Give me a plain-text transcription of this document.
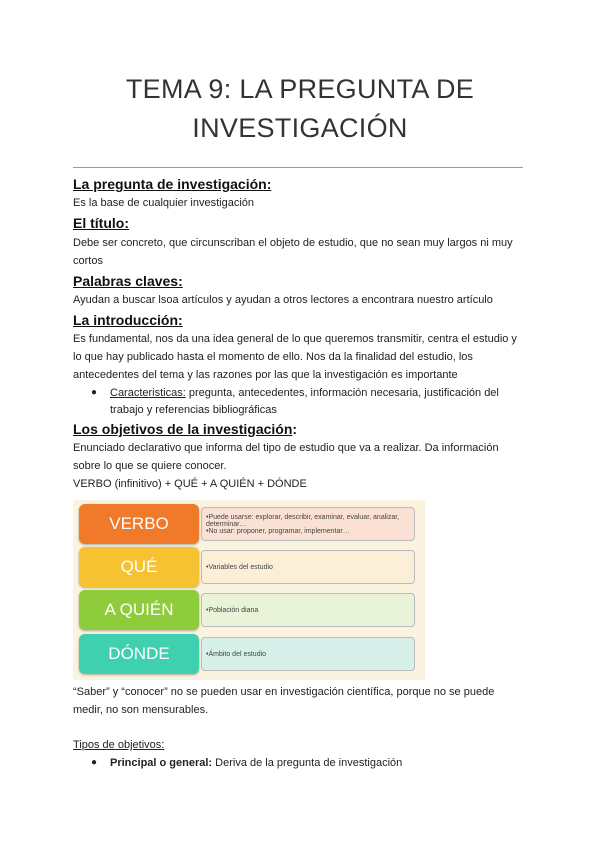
TEMA 9: LA PREGUNTA DE
INVESTIGACIÓN
La pregunta de investigación:
Es la base de cualquier investigación
El título:
Debe ser concreto, que circunscriban el objeto de estudio, que no sean muy largos ni muy
cortos
Palabras claves:
Ayudan a buscar lsoa artículos y ayudan a otros lectores a encontrara nuestro artículo
La introducción:
Es fundamental, nos da una idea general de lo que queremos transmitir, centra el estudio y
lo que hay publicado hasta el momento de ello. Nos da la finalidad del estudio, los
antecedentes del tema y las razones por las que la investigación es importante
● Caracteristicas: pregunta, antecedentes, información necesaria, justificación del
trabajo y referencias bibliográficas
Los objetivos de la investigación:
Enunciado declarativo que informa del tipo de estudio que va a realizar. Da información
sobre lo que se quiere conocer.
VERBO (infinitivo) + QUÉ + A QUIÉN + DÓNDE
VERBO	•Puede usarse: explorar, describir, examinar, evaluar, analizar, determinar…
•No usar: proponer, programar, implementar…
QUÉ	•Variables del estudio
A QUIÉN	•Población diana
DÓNDE	•Ámbito del estudio
“Saber” y “conocer” no se pueden usar en investigación científica, porque no se puede
medir, no son mensurables.
Tipos de objetivos:
● Principal o general: Deriva de la pregunta de investigación
